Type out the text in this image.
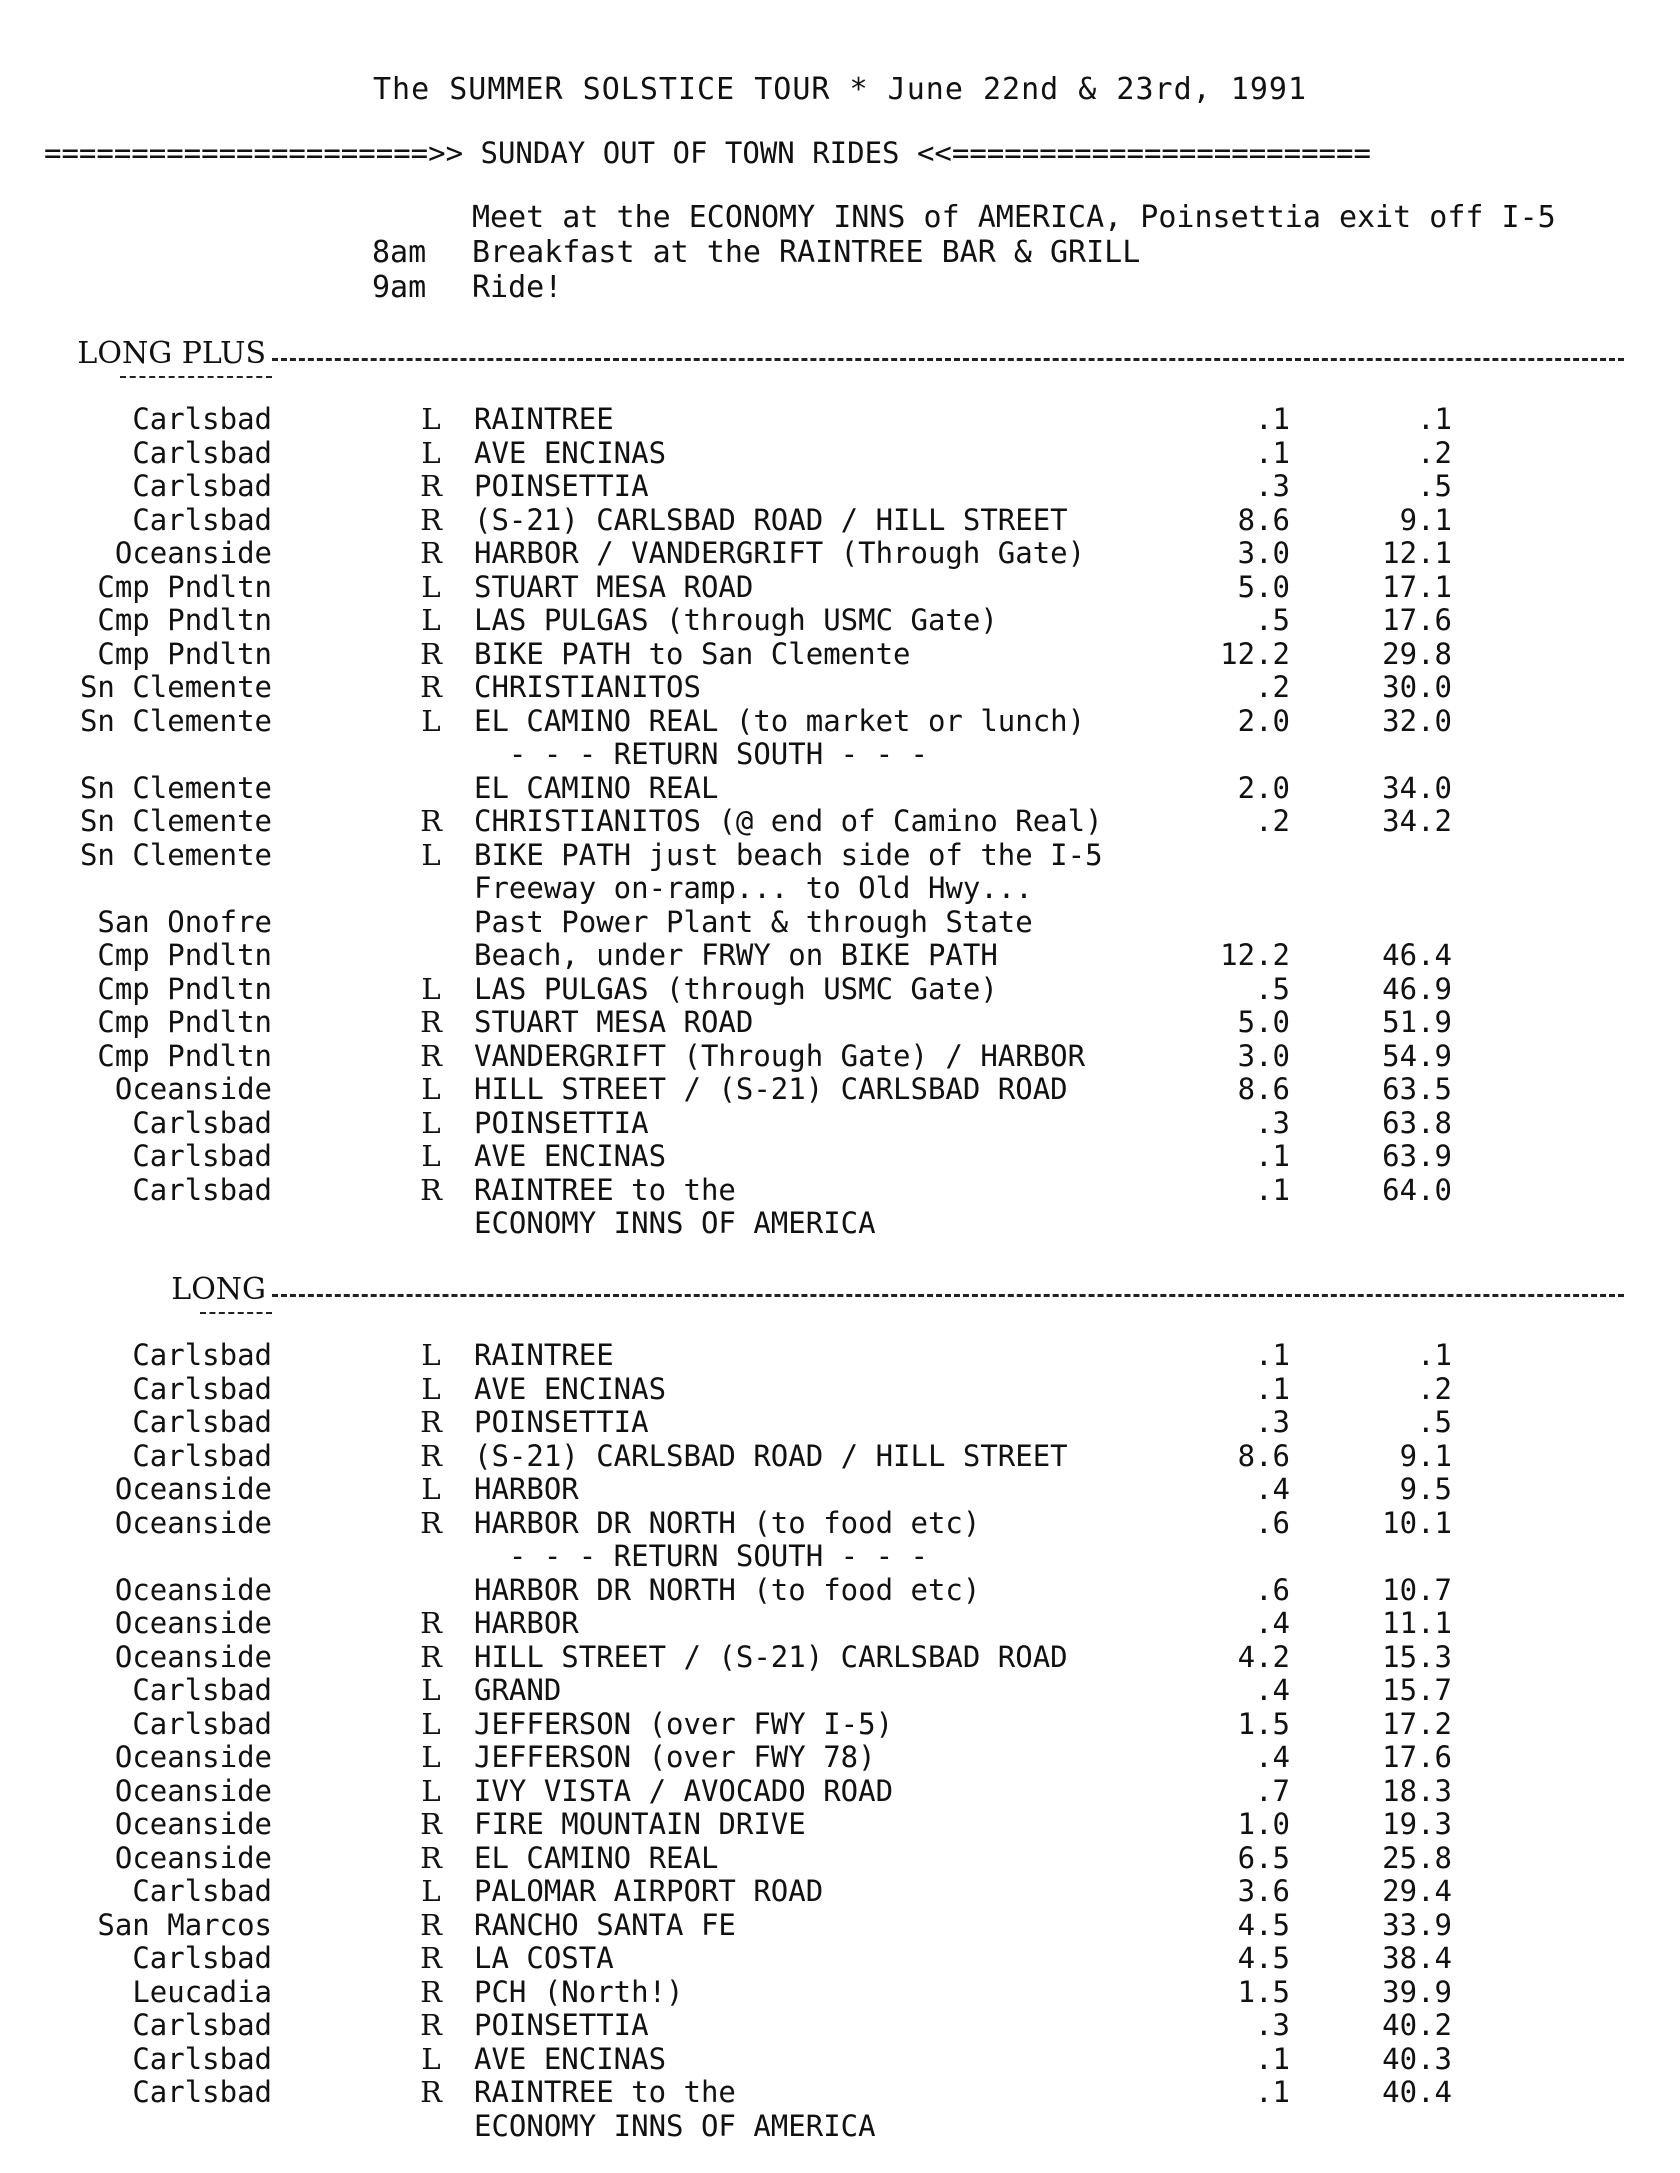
The SUMMER SOLSTICE TOUR * June 22nd & 23rd, 1991
======================>> SUNDAY OUT OF TOWN RIDES <<========================
Meet at the ECONOMY INNS of AMERICA, Poinsettia exit off I-5
8am Breakfast at the RAINTREE BAR & GRILL
9am Ride!
LONG PLUS
Carlsbad	L RAINTREE	.1	.1
Carlsbad	L AVE ENCINAS	.1	.2
Carlsbad	R POINSETTIA	.3	.5
Carlsbad	R (S-21) CARLSBAD ROAD / HILL STREET	8.6	9.1
Oceanside	R HARBOR / VANDERGRIFT (Through Gate)	3.0	12.1
Cmp Pndltn	L STUART MESA ROAD	5.0	17.1
Cmp Pndltn	L LAS PULGAS (through USMC Gate)	.5	17.6
Cmp Pndltn	R BIKE PATH to San Clemente	12.2	29.8
Sn Clemente	R CHRISTIANITOS	.2	30.0
Sn Clemente	L EL CAMINO REAL (to market or lunch)	2.0	32.0
- - - RETURN SOUTH - - -
Sn Clemente	EL CAMINO REAL	2.0	34.0
Sn Clemente	R CHRISTIANITOS (@ end of Camino Real)	.2	34.2
Sn Clemente	L BIKE PATH just beach side of the I-5
Freeway on-ramp... to Old Hwy...
San Onofre	Past Power Plant & through State
Cmp Pndltn	Beach, under FRWY on BIKE PATH	12.2	46.4
Cmp Pndltn	L LAS PULGAS (through USMC Gate)	.5	46.9
Cmp Pndltn	R STUART MESA ROAD	5.0	51.9
Cmp Pndltn	R VANDERGRIFT (Through Gate) / HARBOR	3.0	54.9
Oceanside	L HILL STREET / (S-21) CARLSBAD ROAD	8.6	63.5
Carlsbad	L POINSETTIA	.3	63.8
Carlsbad	L AVE ENCINAS	.1	63.9
Carlsbad	R RAINTREE to the	.1	64.0
ECONOMY INNS OF AMERICA
LONG
Carlsbad	L RAINTREE	.1	.1
Carlsbad	L AVE ENCINAS	.1	.2
Carlsbad	R POINSETTIA	.3	.5
Carlsbad	R (S-21) CARLSBAD ROAD / HILL STREET	8.6	9.1
Oceanside	L HARBOR	.4	9.5
Oceanside	R HARBOR DR NORTH (to food etc)	.6	10.1
- - - RETURN SOUTH - - -
Oceanside	HARBOR DR NORTH (to food etc)	.6	10.7
Oceanside	R HARBOR	.4	11.1
Oceanside	R HILL STREET / (S-21) CARLSBAD ROAD	4.2	15.3
Carlsbad	L GRAND	.4	15.7
Carlsbad	L JEFFERSON (over FWY I-5)	1.5	17.2
Oceanside	L JEFFERSON (over FWY 78)	.4	17.6
Oceanside	L IVY VISTA / AVOCADO ROAD	.7	18.3
Oceanside	R FIRE MOUNTAIN DRIVE	1.0	19.3
Oceanside	R EL CAMINO REAL	6.5	25.8
Carlsbad	L PALOMAR AIRPORT ROAD	3.6	29.4
San Marcos	R RANCHO SANTA FE	4.5	33.9
Carlsbad	R LA COSTA	4.5	38.4
Leucadia	R PCH (North!)	1.5	39.9
Carlsbad	R POINSETTIA	.3	40.2
Carlsbad	L AVE ENCINAS	.1	40.3
Carlsbad	R RAINTREE to the	.1	40.4
ECONOMY INNS OF AMERICA
